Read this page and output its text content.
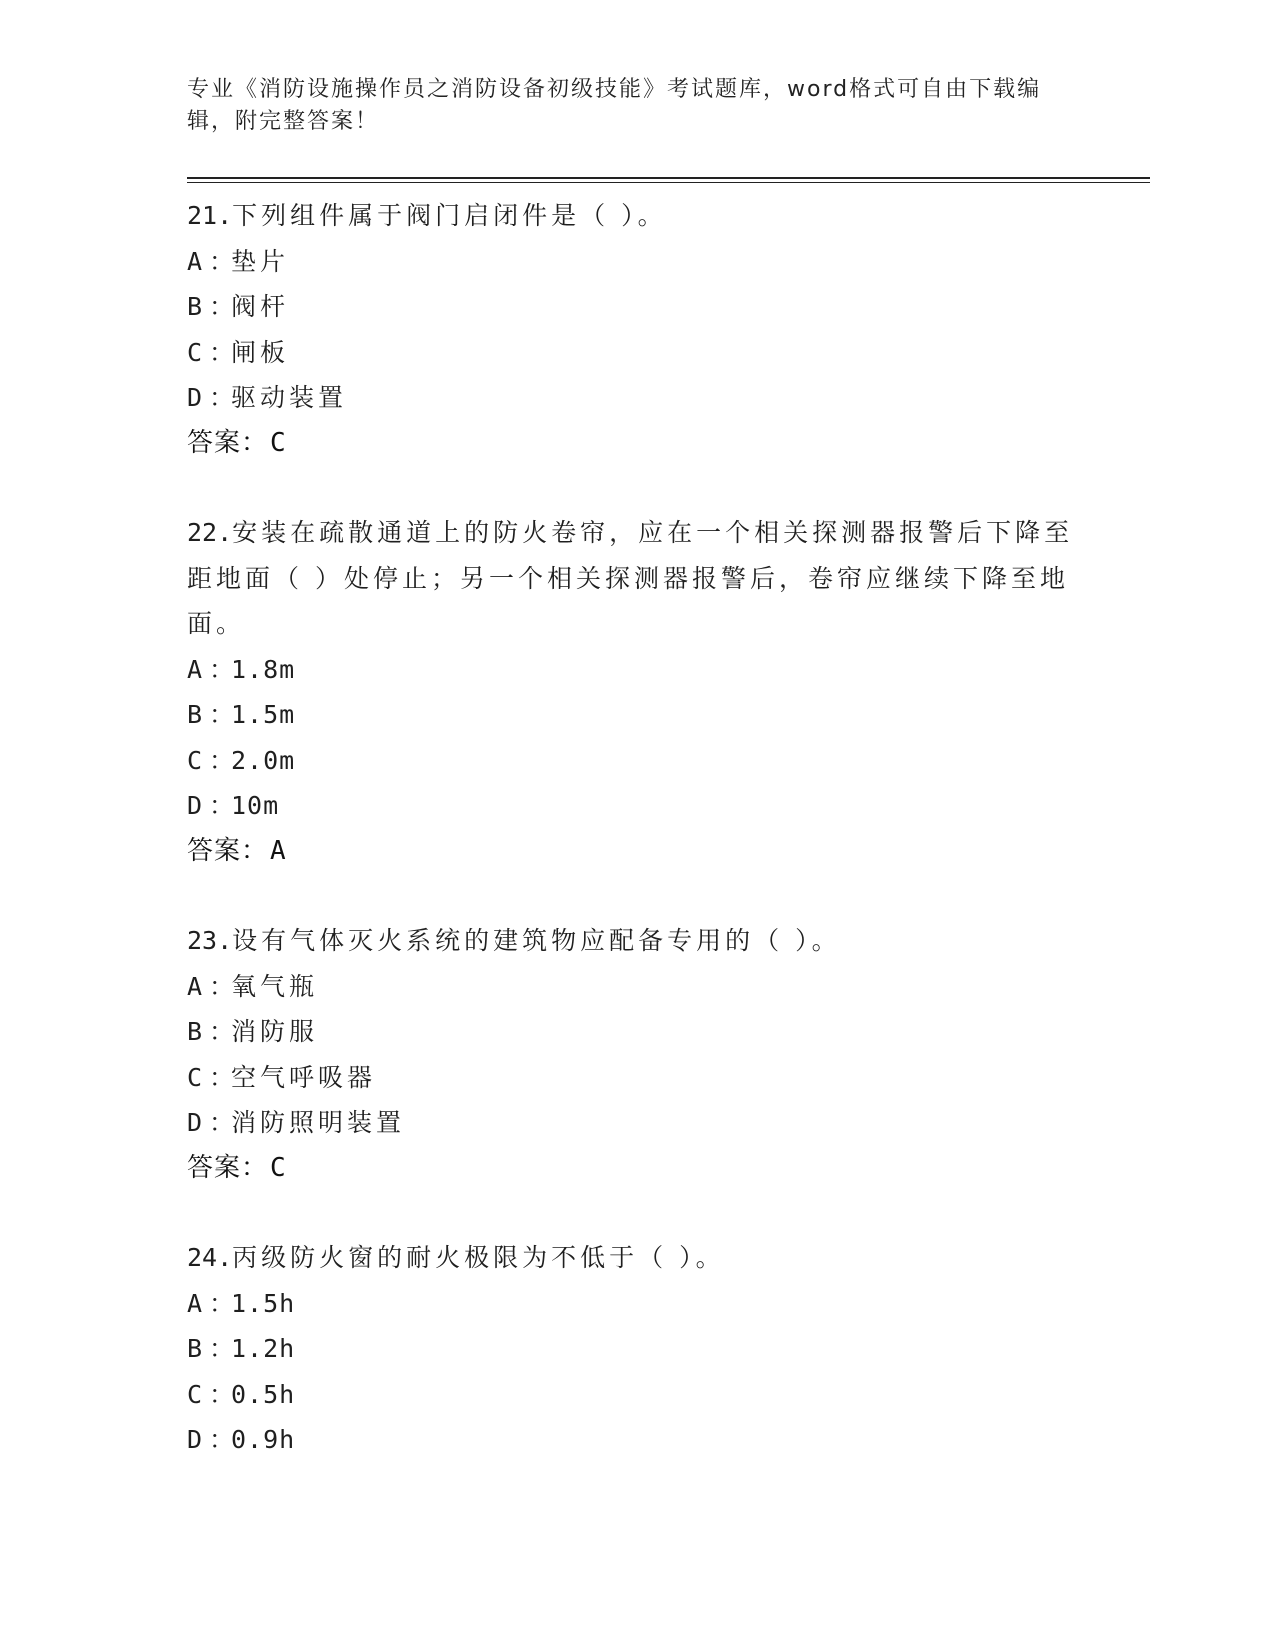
专业《消防设施操作员之消防设备初级技能》考试题库，word格式可自由下载编
辑，附完整答案！
21.下列组件属于阀门启闭件是（ ）。
A ：垫片
B ：阀杆
C ：闸板
D ：驱动装置
答案：C
22.安装在疏散通道上的防火卷帘，应在一个相关探测器报警后下降至距地面（ ）处停止；另一个相关探测器报警后，卷帘应继续下降至地面。
A ：1.8m
B ：1.5m
C ：2.0m
D ：10m
答案：A
23.设有气体灭火系统的建筑物应配备专用的（ ）。
A ：氧气瓶
B ：消防服
C ：空气呼吸器
D ：消防照明装置
答案：C
24.丙级防火窗的耐火极限为不低于（ ）。
A ：1.5h
B ：1.2h
C ：0.5h
D ：0.9h
